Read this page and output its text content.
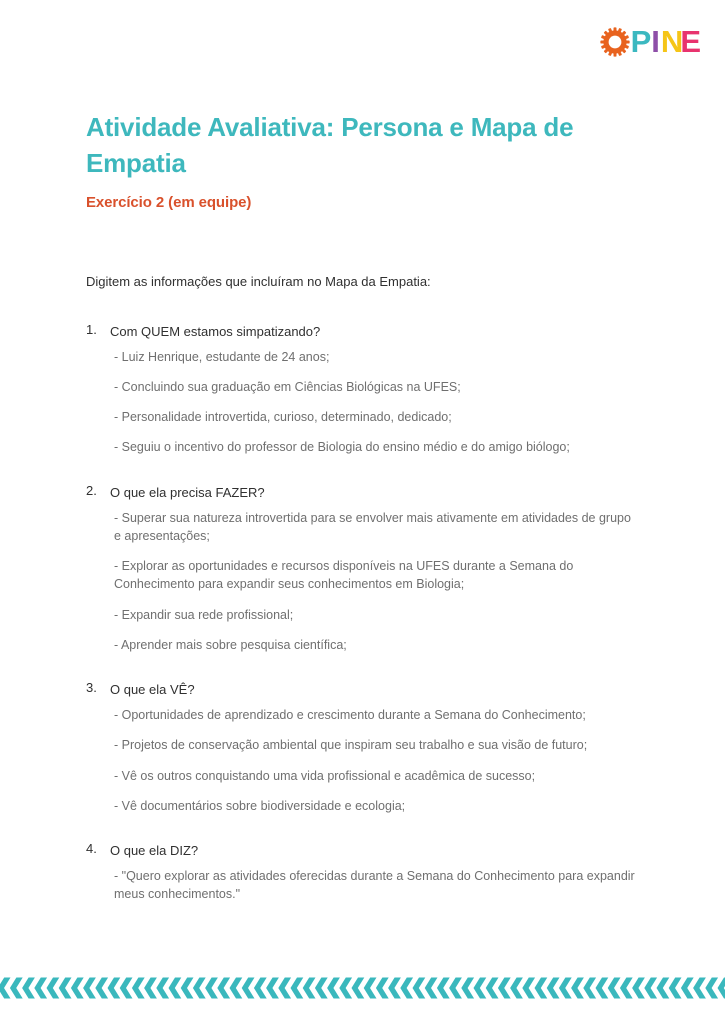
P I N
E
Atividade Avaliativa: Persona e Mapa de Empatia
Exercício 2 (em equipe)

Digitem as informações que incluíram no Mapa da Empatia:

Com QUEM estamos simpatizando?
- Luiz Henrique, estudante de 24 anos;
- Concluindo sua graduação em Ciências Biológicas na UFES;
- Personalidade introvertida, curioso, determinado, dedicado;
- Seguiu o incentivo do professor de Biologia do ensino médio e do amigo biólogo;
O que ela precisa FAZER?
- Superar sua natureza introvertida para se envolver mais ativamente em atividades de grupo e apresentações;
- Explorar as oportunidades e recursos disponíveis na UFES durante a Semana do Conhecimento para expandir seus conhecimentos em Biologia;
- Expandir sua rede profissional;
- Aprender mais sobre pesquisa científica;
O que ela VÊ?
- Oportunidades de aprendizado e crescimento durante a Semana do Conhecimento;
- Projetos de conservação ambiental que inspiram seu trabalho e sua visão de futuro;
- Vê os outros conquistando uma vida profissional e acadêmica de sucesso;
- Vê documentários sobre biodiversidade e ecologia;
O que ela DIZ?
- "Quero explorar as atividades oferecidas durante a Semana do Conhecimento para expandir meus conhecimentos."
